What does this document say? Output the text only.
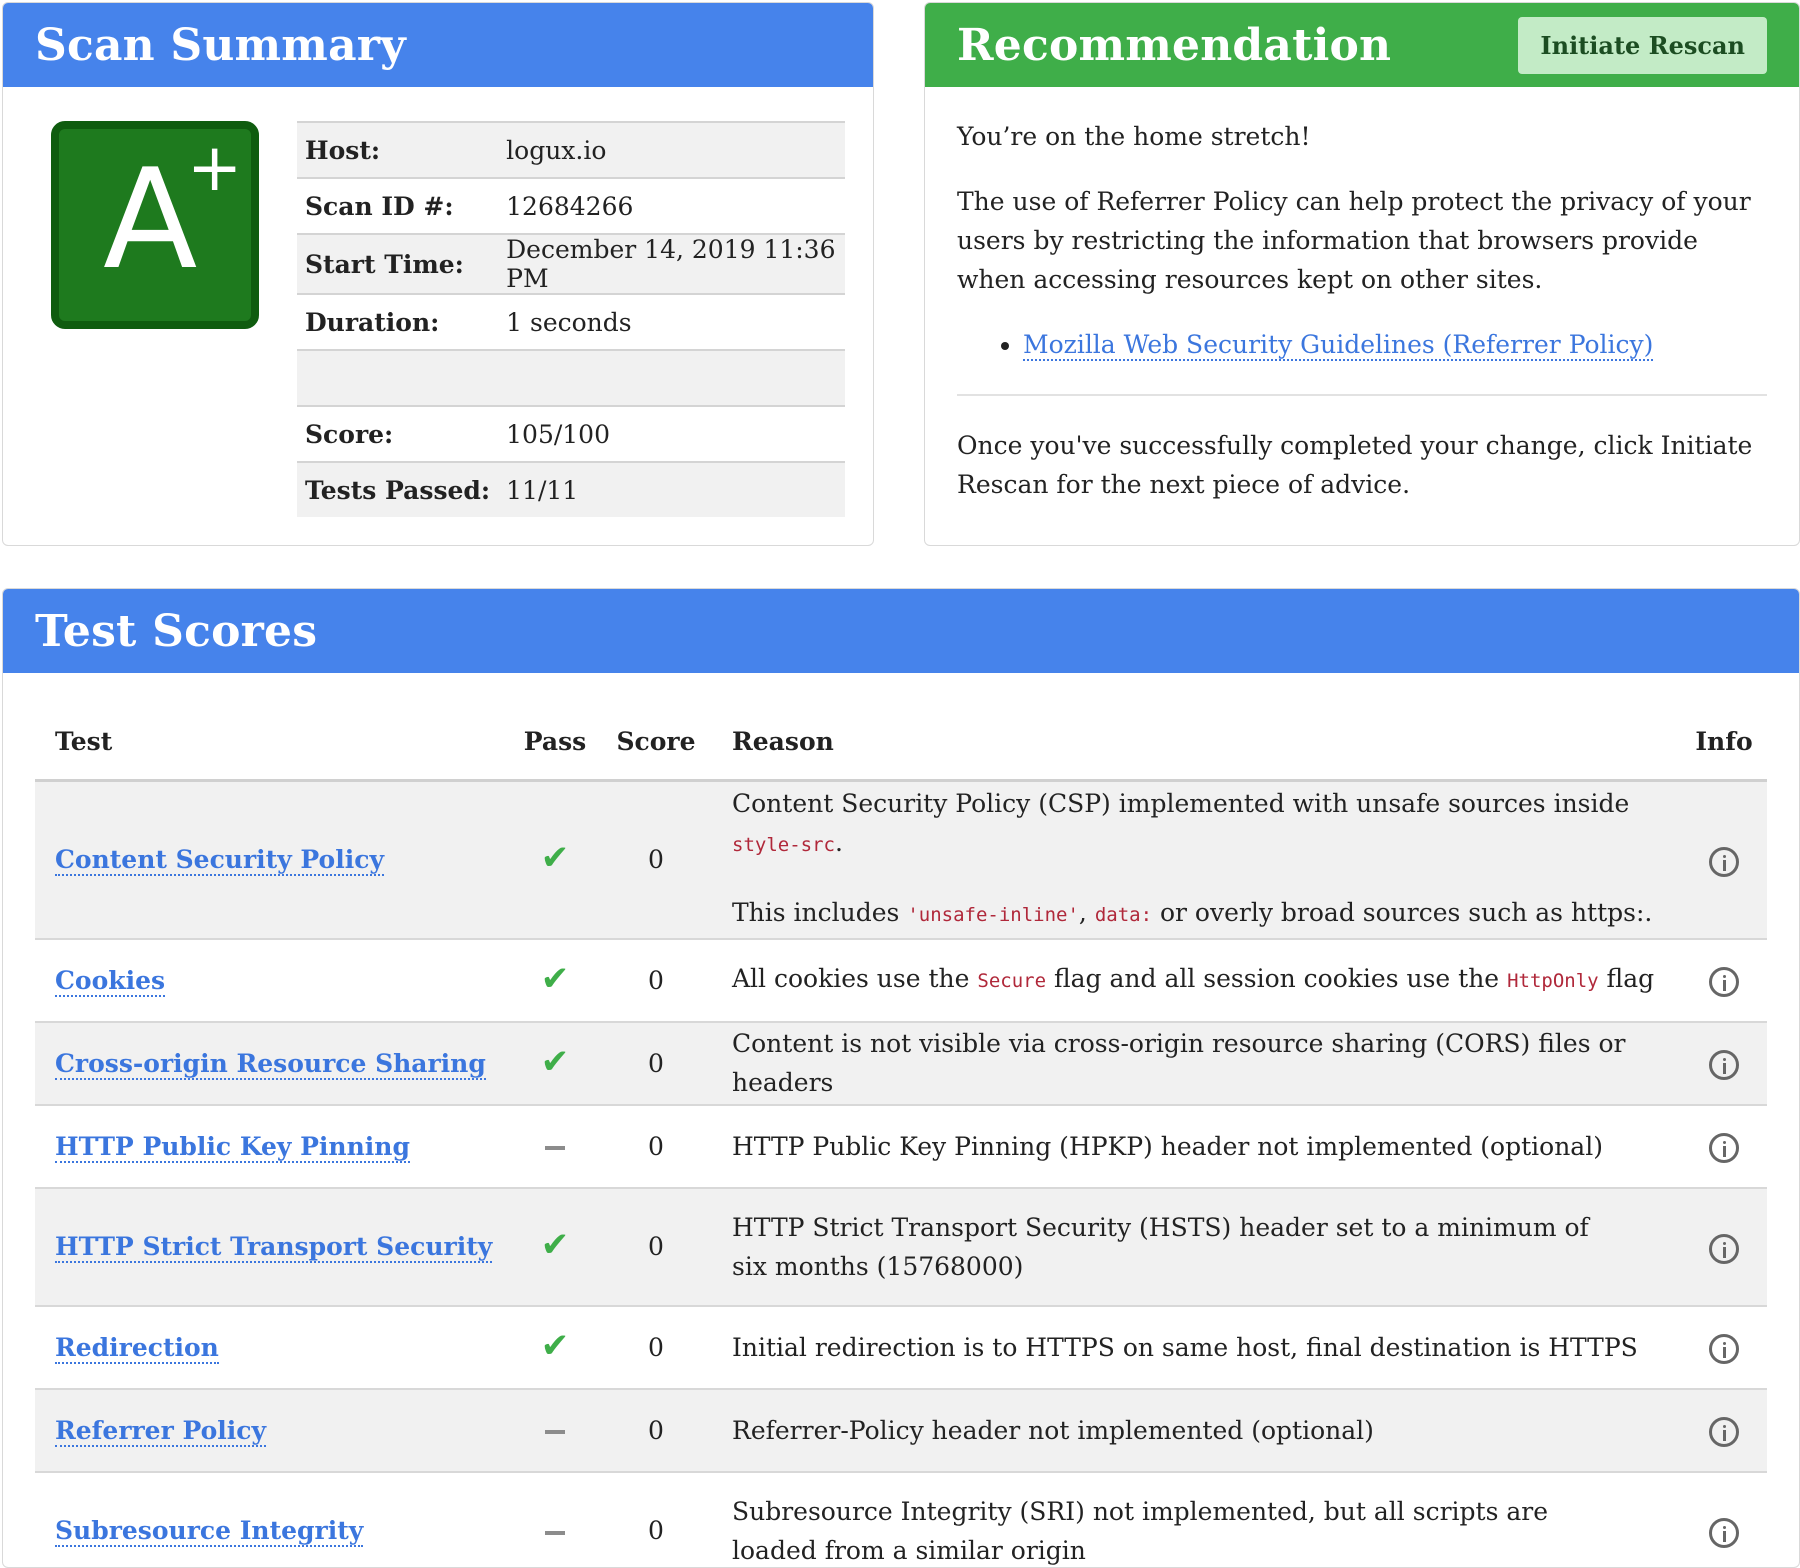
Scan Summary
A
+	Host:	logux.io
Scan ID #:	12684266
Start Time:	December 14, 2019 11:36 PM
Duration:	1 seconds

Score:	105/100
Tests Passed:	11/11
Recommendation	Initiate Rescan

You’re on the home stretch!

The use of Referrer Policy can help protect the privacy of your users by restricting the information that browsers provide when accessing resources kept on other sites.

• Mozilla Web Security Guidelines (Referrer Policy)

Once you've successfully completed your change, click Initiate Rescan for the next piece of advice.

Test Scores
Test	Pass	Score	Reason	Info
Content Security Policy	✔	0	Content Security Policy (CSP) implemented with unsafe sources inside style-src.

This includes 'unsafe-inline', data: or overly broad sources such as https:.	

Cookies	✔	0	All cookies use the Secure flag and all session cookies use the HttpOnly flag	
Cross-origin Resource Sharing	✔	0	Content is not visible via cross-origin resource sharing (CORS) files or headers	
HTTP Public Key Pinning		0	HTTP Public Key Pinning (HPKP) header not implemented (optional)	
HTTP Strict Transport Security	✔	0	HTTP Strict Transport Security (HSTS) header set to a minimum of six months (15768000)	
Redirection	✔	0	Initial redirection is to HTTPS on same host, final destination is HTTPS	
Referrer Policy		0	Referrer-Policy header not implemented (optional)	
Subresource Integrity		0	Subresource Integrity (SRI) not implemented, but all scripts are loaded from a similar origin	
